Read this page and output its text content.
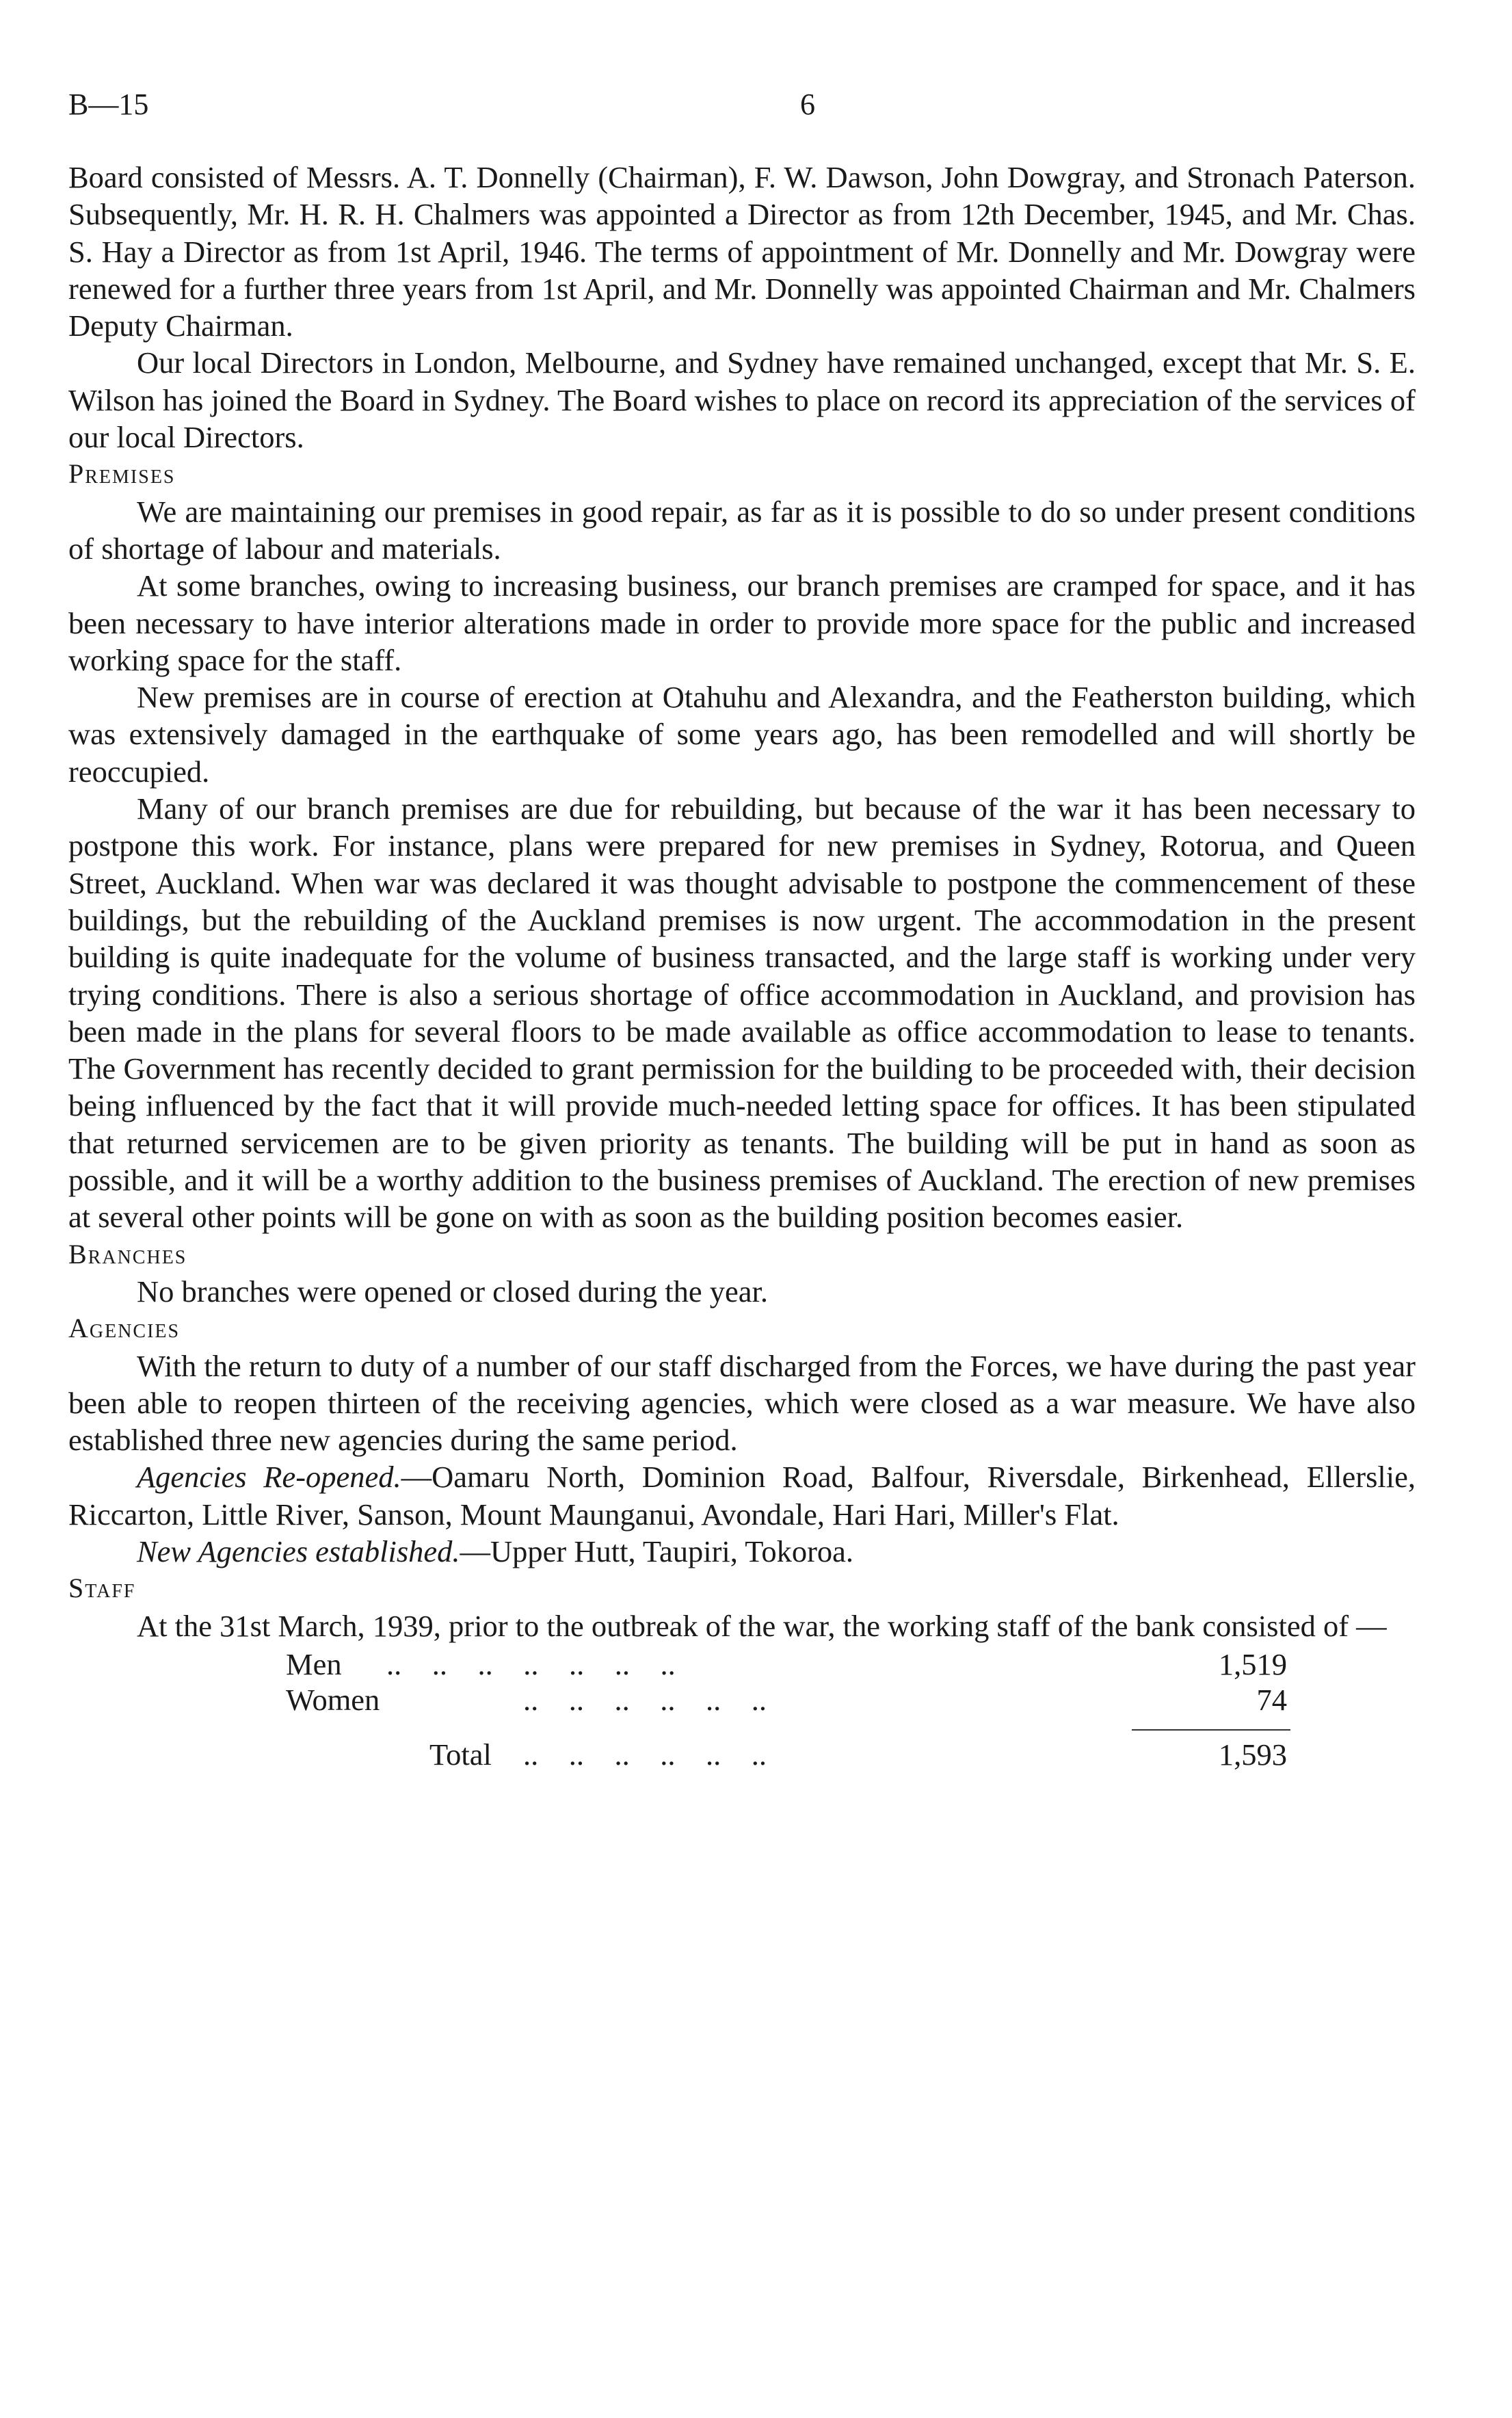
B—15	6

Board consisted of Messrs. A. T. Donnelly (Chairman), F. W. Dawson, John Dowgray, and Stronach Paterson. Subsequently, Mr. H. R. H. Chalmers was appointed a Director as from 12th December, 1945, and Mr. Chas. S. Hay a Director as from 1st April, 1946. The terms of appointment of Mr. Donnelly and Mr. Dowgray were renewed for a further three years from 1st April, and Mr. Donnelly was appointed Chairman and Mr. Chalmers Deputy Chairman.

Our local Directors in London, Melbourne, and Sydney have remained unchanged, except that Mr. S. E. Wilson has joined the Board in Sydney. The Board wishes to place on record its appreciation of the services of our local Directors.

Premises

We are maintaining our premises in good repair, as far as it is possible to do so under present conditions of shortage of labour and materials.

At some branches, owing to increasing business, our branch premises are cramped for space, and it has been necessary to have interior alterations made in order to provide more space for the public and increased working space for the staff.

New premises are in course of erection at Otahuhu and Alexandra, and the Featherston building, which was extensively damaged in the earthquake of some years ago, has been remodelled and will shortly be reoccupied.

Many of our branch premises are due for rebuilding, but because of the war it has been necessary to postpone this work. For instance, plans were prepared for new premises in Sydney, Rotorua, and Queen Street, Auckland. When war was declared it was thought advisable to postpone the commencement of these buildings, but the rebuilding of the Auckland premises is now urgent. The accommodation in the present building is quite inadequate for the volume of business transacted, and the large staff is working under very trying conditions. There is also a serious shortage of office accommodation in Auckland, and provision has been made in the plans for several floors to be made available as office accommodation to lease to tenants. The Government has recently decided to grant permission for the building to be proceeded with, their decision being influenced by the fact that it will provide much-needed letting space for offices. It has been stipulated that returned servicemen are to be given priority as tenants. The building will be put in hand as soon as possible, and it will be a worthy addition to the business premises of Auckland. The erection of new premises at several other points will be gone on with as soon as the building position becomes easier.

Branches

No branches were opened or closed during the year.

Agencies

With the return to duty of a number of our staff discharged from the Forces, we have during the past year been able to reopen thirteen of the receiving agencies, which were closed as a war measure. We have also established three new agencies during the same period.

Agencies Re-opened.—Oamaru North, Dominion Road, Balfour, Riversdale, Birkenhead, Ellerslie, Riccarton, Little River, Sanson, Mount Maunganui, Avondale, Hari Hari, Miller's Flat.

New Agencies established.—Upper Hutt, Taupiri, Tokoroa.

Staff

At the 31st March, 1939, prior to the outbreak of the war, the working staff of the bank consisted of —

Men ..    ..    ..    ..    ..    ..    ..	1,519
Women	..    ..    ..    ..    ..    ..	74
Total ..    ..    ..    ..    ..    ..	1,593
